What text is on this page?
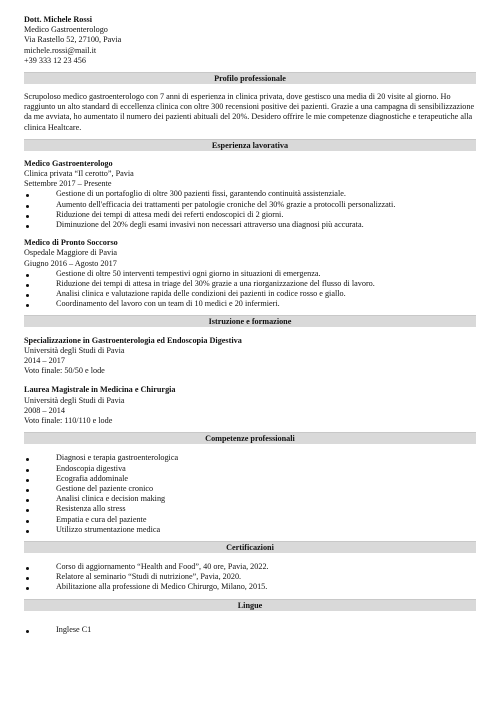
Dott. Michele Rossi
Medico Gastroenterologo
Via Rastello 52, 27100, Pavia
michele.rossi@mail.it
+39 333 12 23 456
Profilo professionale

Scrupoloso medico gastroenterologo con 7 anni di esperienza in clinica privata, dove gestisco una media di 20 visite al giorno. Ho raggiunto un alto standard di eccellenza clinica con oltre 300 recensioni positive dei pazienti. Grazie a una campagna di sensibilizzazione da me avviata, ho aumentato il numero dei pazienti abituali del 20%. Desidero offrire le mie competenze diagnostiche e terapeutiche alla clinica Healtcare.

Esperienza lavorativa
Medico Gastroenterologo
Clinica privata “Il cerotto”, Pavia
Settembre 2017 – Presente
Gestione di un portafoglio di oltre 300 pazienti fissi, garantendo continuità assistenziale.
Aumento dell'efficacia dei trattamenti per patologie croniche del 30% grazie a protocolli personalizzati.
Riduzione dei tempi di attesa medi dei referti endoscopici di 2 giorni.
Diminuzione del 20% degli esami invasivi non necessari attraverso una diagnosi più accurata.
Medico di Pronto Soccorso
Ospedale Maggiore di Pavia
Giugno 2016 – Agosto 2017
Gestione di oltre 50 interventi tempestivi ogni giorno in situazioni di emergenza.
Riduzione dei tempi di attesa in triage del 30% grazie a una riorganizzazione del flusso di lavoro.
Analisi clinica e valutazione rapida delle condizioni dei pazienti in codice rosso e giallo.
Coordinamento del lavoro con un team di 10 medici e 20 infermieri.
Istruzione e formazione
Specializzazione in Gastroenterologia ed Endoscopia Digestiva
Università degli Studi di Pavia
2014 – 2017
Voto finale: 50/50 e lode
Laurea Magistrale in Medicina e Chirurgia
Università degli Studi di Pavia
2008 – 2014
Voto finale: 110/110 e lode
Competenze professionali
Diagnosi e terapia gastroenterologica
Endoscopia digestiva
Ecografia addominale
Gestione del paziente cronico
Analisi clinica e decision making
Resistenza allo stress
Empatia e cura del paziente
Utilizzo strumentazione medica
Certificazioni
Corso di aggiornamento “Health and Food”, 40 ore, Pavia, 2022.
Relatore al seminario “Studi di nutrizione”, Pavia, 2020.
Abilitazione alla professione di Medico Chirurgo, Milano, 2015.
Lingue
Inglese C1
